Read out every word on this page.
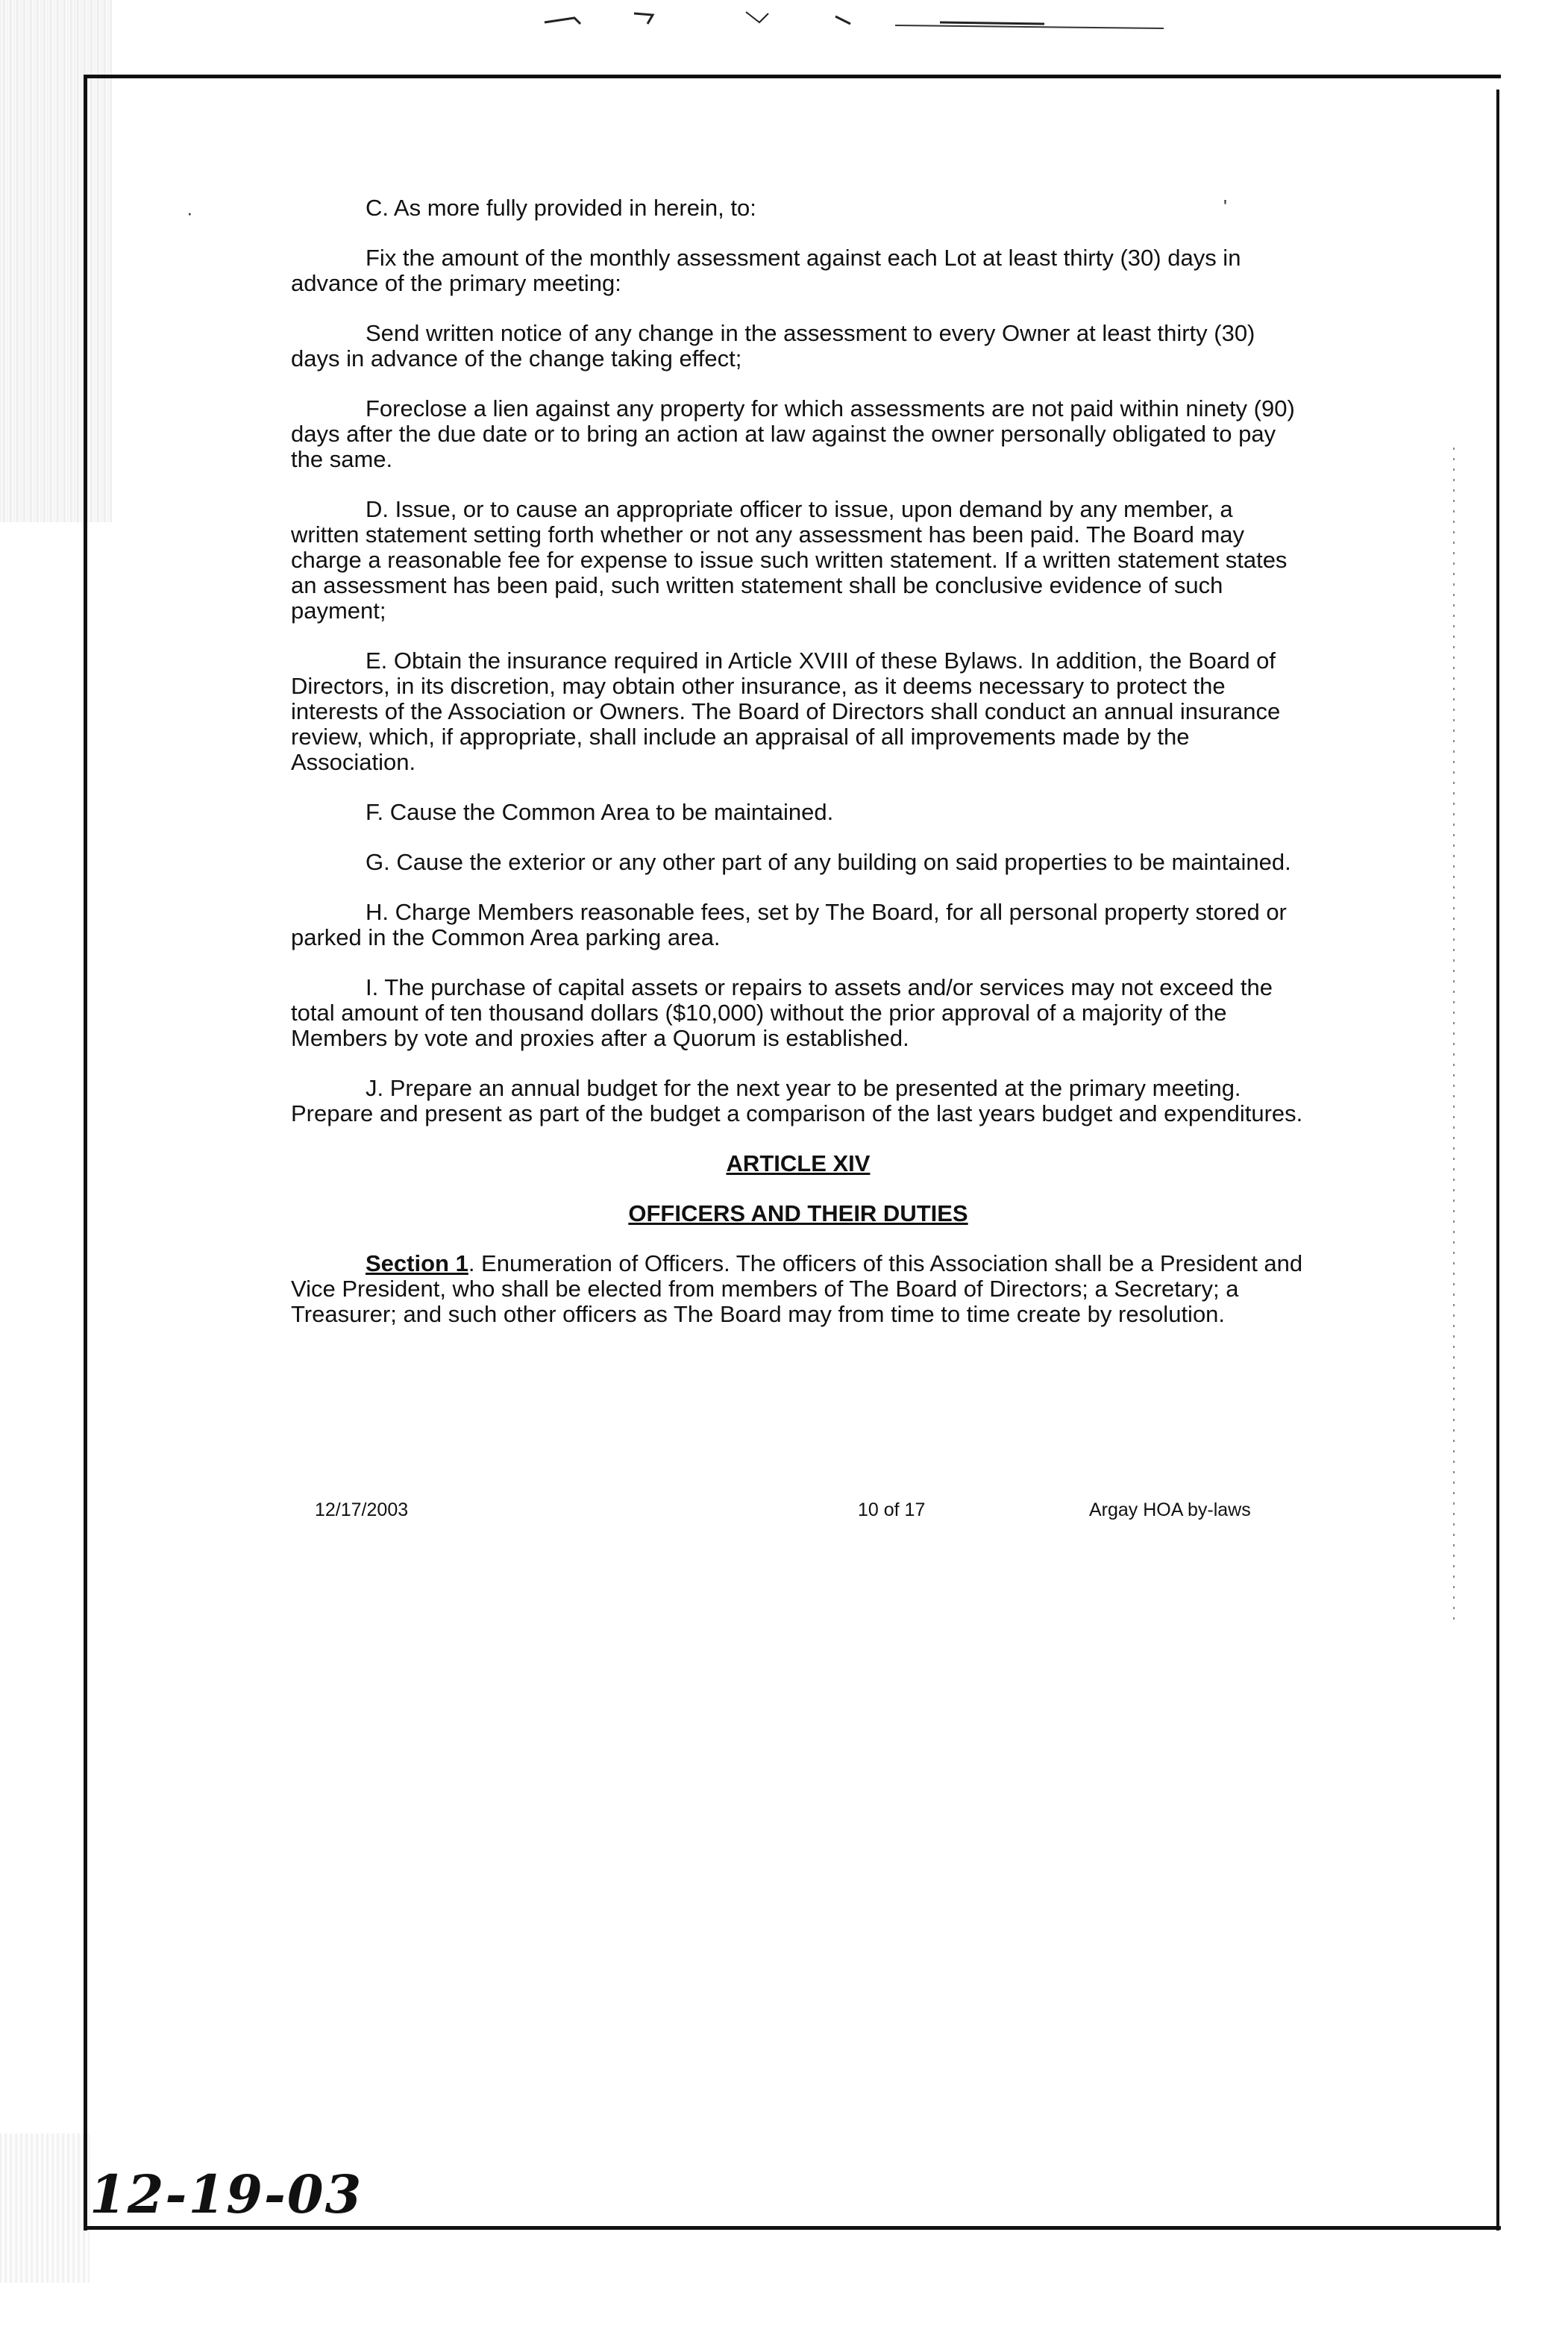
·	'

C. As more fully provided in herein, to:

Fix the amount of the monthly assessment against each Lot at least thirty (30) days in advance of the primary meeting:

Send written notice of any change in the assessment to every Owner at least thirty (30) days in advance of the change taking effect;

Foreclose a lien against any property for which assessments are not paid within ninety (90) days after the due date or to bring an action at law against the owner personally obligated to pay the same.

D. Issue, or to cause an appropriate officer to issue, upon demand by any member, a written statement setting forth whether or not any assessment has been paid. The Board may charge a reasonable fee for expense to issue such written statement. If a written statement states an assessment has been paid, such written statement shall be conclusive evidence of such payment;

E. Obtain the insurance required in Article XVIII of these Bylaws. In addition, the Board of Directors, in its discretion, may obtain other insurance, as it deems necessary to protect the interests of the Association or Owners. The Board of Directors shall conduct an annual insurance review, which, if appropriate, shall include an appraisal of all improvements made by the Association.

F. Cause the Common Area to be maintained.

G. Cause the exterior or any other part of any building on said properties to be maintained.

H. Charge Members reasonable fees, set by The Board, for all personal property stored or parked in the Common Area parking area.

I. The purchase of capital assets or repairs to assets and/or services may not exceed the total amount of ten thousand dollars ($10,000) without the prior approval of a majority of the Members by vote and proxies after a Quorum is established.

J. Prepare an annual budget for the next year to be presented at the primary meeting. Prepare and present as part of the budget a comparison of the last years budget and expenditures.

ARTICLE XIV

OFFICERS AND THEIR DUTIES

Section 1. Enumeration of Officers. The officers of this Association shall be a President and Vice President, who shall be elected from members of The Board of Directors; a Secretary; a Treasurer; and such other officers as The Board may from time to time create by resolution.

12/17/2003	10 of 17	Argay HOA by-laws
12-19-03
